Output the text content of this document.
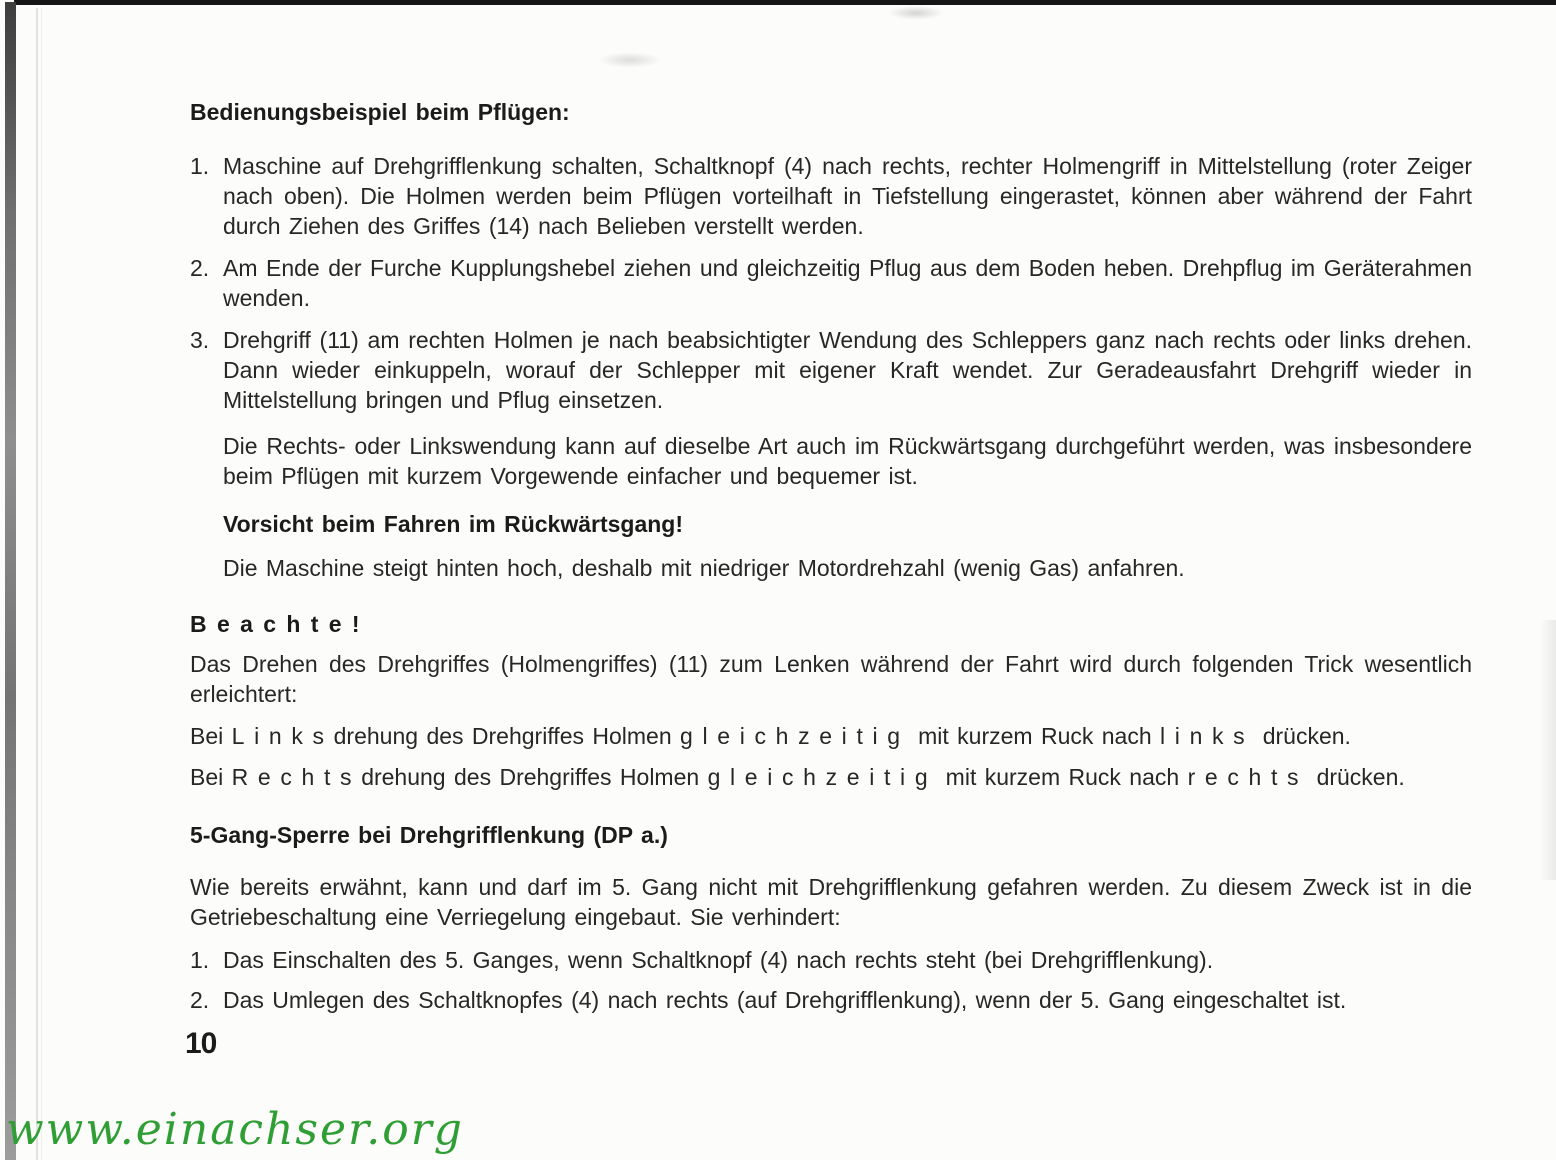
Bedienungsbeispiel beim Pflügen:

1. Maschine auf Drehgrifflenkung schalten, Schaltknopf (4) nach rechts, rechter Holmengriff in Mittelstellung (roter Zeiger nach oben). Die Holmen werden beim Pflügen vorteilhaft in Tiefstellung eingerastet, können aber während der Fahrt durch Ziehen des Griffes (14) nach Belieben verstellt werden.

2. Am Ende der Furche Kupplungshebel ziehen und gleichzeitig Pflug aus dem Boden heben. Drehpflug im Geräterahmen wenden.

3. Drehgriff (11) am rechten Holmen je nach beabsichtigter Wendung des Schleppers ganz nach rechts oder links drehen. Dann wieder einkuppeln, worauf der Schlepper mit eigener Kraft wendet. Zur Geradeausfahrt Drehgriff wieder in Mittelstellung bringen und Pflug einsetzen.

Die Rechts- oder Linkswendung kann auf dieselbe Art auch im Rückwärtsgang durchgeführt werden, was insbesondere beim Pflügen mit kurzem Vorgewende einfacher und bequemer ist.

Vorsicht beim Fahren im Rückwärtsgang!

Die Maschine steigt hinten hoch, deshalb mit niedriger Motordrehzahl (wenig Gas) anfahren.

Beachte!

Das Drehen des Drehgriffes (Holmengriffes) (11) zum Lenken während der Fahrt wird durch folgenden Trick wesentlich erleichtert:

Bei Linksdrehung des Drehgriffes Holmen gleichzeitig mit kurzem Ruck nach links drücken.

Bei Rechtsdrehung des Drehgriffes Holmen gleichzeitig mit kurzem Ruck nach rechts drücken.

5-Gang-Sperre bei Drehgrifflenkung (DP a.)

Wie bereits erwähnt, kann und darf im 5. Gang nicht mit Drehgrifflenkung gefahren werden. Zu diesem Zweck ist in die Getriebeschaltung eine Verriegelung eingebaut. Sie verhindert:

1. Das Einschalten des 5. Ganges, wenn Schaltknopf (4) nach rechts steht (bei Drehgrifflenkung).

2. Das Umlegen des Schaltknopfes (4) nach rechts (auf Drehgrifflenkung), wenn der 5. Gang eingeschaltet ist.

10
www.einachser.org
